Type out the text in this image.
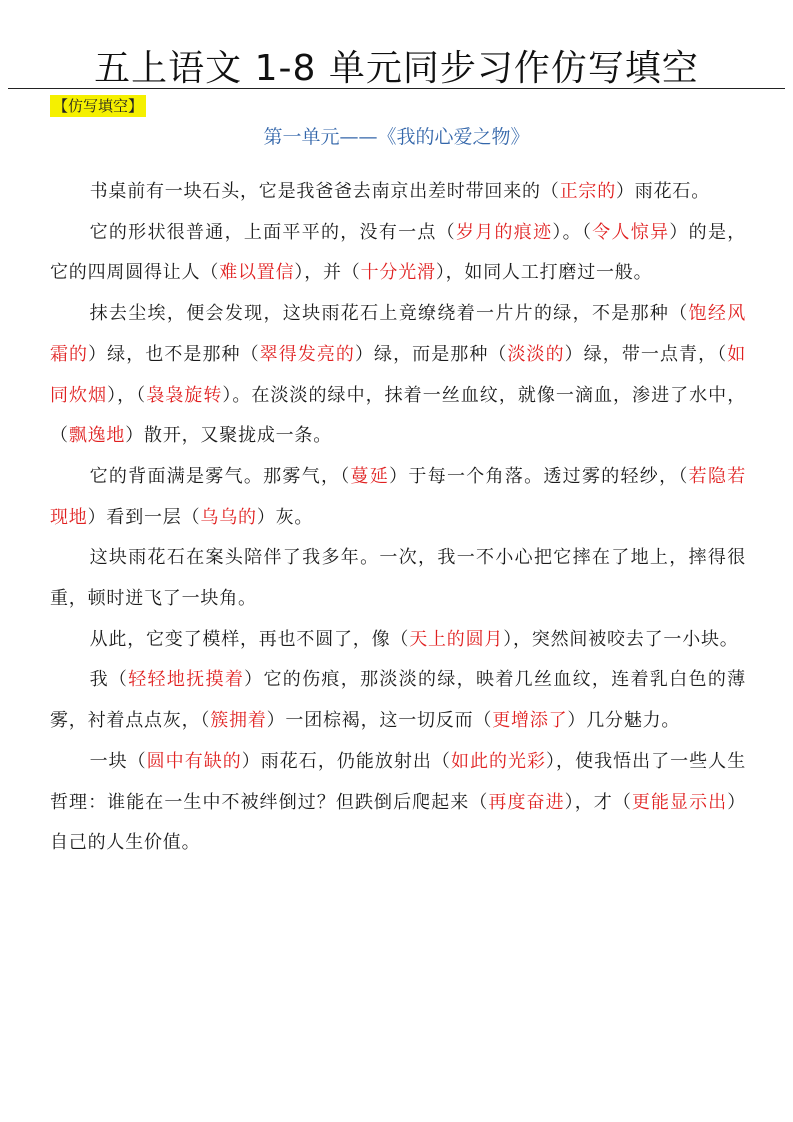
五上语文 1-8 单元同步习作仿写填空
【仿写填空】
第一单元——《我的心爱之物》

书桌前有一块石头，它是我爸爸去南京出差时带回来的（正宗的）雨花石。

它的形状很普通，上面平平的，没有一点（岁月的痕迹）。（令人惊异）的是，它的四周圆得让人（难以置信），并（十分光滑），如同人工打磨过一般。

抹去尘埃，便会发现，这块雨花石上竟缭绕着一片片的绿，不是那种（饱经风霜的）绿，也不是那种（翠得发亮的）绿，而是那种（淡淡的）绿，带一点青，（如同炊烟），（袅袅旋转）。在淡淡的绿中，抹着一丝血纹，就像一滴血，渗进了水中，（飘逸地）散开，又聚拢成一条。

它的背面满是雾气。那雾气，（蔓延）于每一个角落。透过雾的轻纱，（若隐若现地）看到一层（乌乌的）灰。

这块雨花石在案头陪伴了我多年。一次，我一不小心把它摔在了地上，摔得很重，顿时迸飞了一块角。

从此，它变了模样，再也不圆了，像（天上的圆月），突然间被咬去了一小块。

我（轻轻地抚摸着）它的伤痕，那淡淡的绿，映着几丝血纹，连着乳白色的薄雾，衬着点点灰，（簇拥着）一团棕褐，这一切反而（更增添了）几分魅力。

一块（圆中有缺的）雨花石，仍能放射出（如此的光彩），使我悟出了一些人生哲理：谁能在一生中不被绊倒过？但跌倒后爬起来（再度奋进），才（更能显示出）自己的人生价值。
